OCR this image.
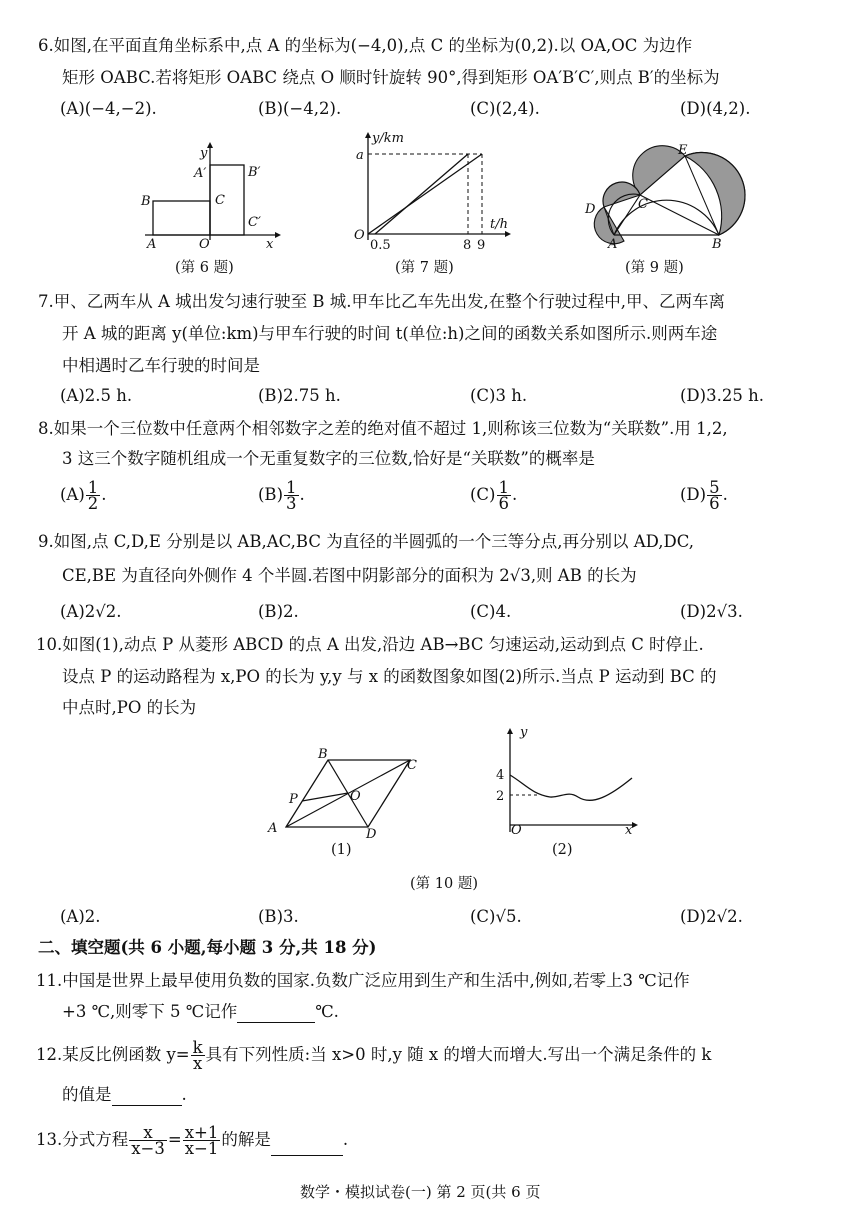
6.如图,在平面直角坐标系中,点 A 的坐标为(−4,0),点 C 的坐标为(0,2).以 OA,OC 为边作
矩形 OABC.若将矩形 OABC 绕点 O 顺时针旋转 90°,得到矩形 OA′B′C′,则点 B′的坐标为
(A)(−4,−2).	(B)(−4,2).	(C)(2,4).	(D)(4,2).
y
A′	B′
B	C
C′
A	O	x
(第 6 题)
y/km
a
O
0.5	8 9
t/h
(第 7 题)
E
D	C
A	B
(第 9 题)
7.甲、乙两车从 A 城出发匀速行驶至 B 城.甲车比乙车先出发,在整个行驶过程中,甲、乙两车离
开 A 城的距离 y(单位:km)与甲车行驶的时间 t(单位:h)之间的函数关系如图所示.则两车途
中相遇时乙车行驶的时间是
(A)2.5 h.	(B)2.75 h.	(C)3 h.	(D)3.25 h.
8.如果一个三位数中任意两个相邻数字之差的绝对值不超过 1,则称该三位数为“关联数”.用 1,2,
3 这三个数字随机组成一个无重复数字的三位数,恰好是“关联数”的概率是
$(A) \frac{1}{2}$ .	$(B) \frac{1}{3}$ .	$(C) \frac{1}{6}$ .	$(D) \frac{5}{6}$ .
9.如图,点 C,D,E 分别是以 AB,AC,BC 为直径的半圆弧的一个三等分点,再分别以 AD,DC,
CE,BE 为直径向外侧作 4 个半圆.若图中阴影部分的面积为 2√3,则 AB 的长为
(A)2√2.	(B)2.	(C)4.	(D)2√3.
10.如图(1),动点 P 从菱形 ABCD 的点 A 出发,沿边 AB→BC 匀速运动,运动到点 C 时停止.
设点 P 的运动路程为 x,PO 的长为 y,y 与 x 的函数图象如图(2)所示.当点 P 运动到 BC 的
中点时,PO 的长为
B
C
P	O
A	D
(1)
y
4
2
O	x
(2)
(第 10 题)
(A)2.	(B)3.	(C)√5.	(D)2√2.
二、填空题(共 6 小题,每小题 3 分,共 18 分)
11.中国是世界上最早使用负数的国家.负数广泛应用到生产和生活中,例如,若零上3 ℃记作
+3 ℃,则零下 5 ℃记作	℃.
12.某反比例函数 $y= \frac{k}{x}$ 具有下列性质:当 x>0 时,y 随 x 的增大而增大.写出一个满足条件的 k
的值是	.
13.分式方程 $\frac{x}{x-3} = \frac{x+1}{x-1}$ 的解是	.
数学・模拟试卷(一) 第 2 页(共 6 页
